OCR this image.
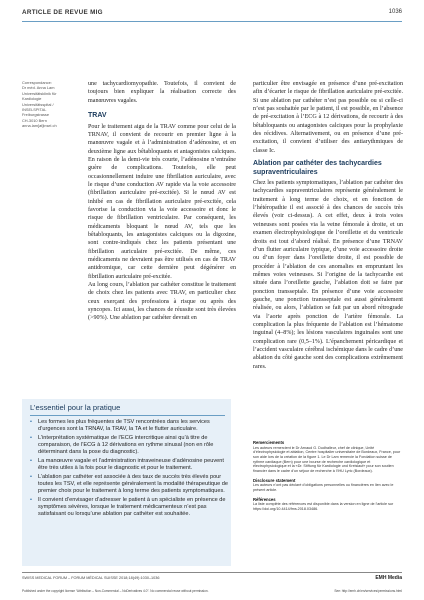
ARTICLE DE REVUE MIG	1036
Correspondance:
Dr méd. Anna Lam
Universitätsklinik für
Kardiologie
Universitätsspital /
INSELSPITAL
Freiburgstrasse
CH-3010 Bern
anna.lam[at]insel.ch

une tachycardiomyopathie. Toutefois, il convient de toujours bien expliquer la réalisation correcte des manœuvres vagales.

TRAV

Pour le traitement aigu de la TRAV comme pour celui de la TRNAV, il convient de recourir en premier ligne à la manœuvre vagale et à l’administration d’adénosine, et en deuxième ligne aux bêtabloquants et antagonistes calciques. En raison de la demi-vie très courte, l’adénosine n’entraîne guère de complications. Toutefois, elle peut occasionnellement induire une fibrillation auriculaire, avec le risque d’une conduction AV rapide via la voie accessoire (fibrillation auriculaire pré-excitée). Si le nœud AV est inhibé en cas de fibrillation auriculaire pré-excitée, cela favorise la conduction via la voie accessoire et donc le risque de fibrillation ventriculaire. Par conséquent, les médicaments bloquant le nœud AV, tels que les bêtabloquants, les antagonistes calciques ou la digoxine, sont contre-indiqués chez les patients présentant une fibrillation auriculaire pré-excitée. De même, ces médicaments ne devraient pas être utilisés en cas de TRAV antidromique, car cette dernière peut dégénérer en fibrillation auriculaire pré-excitée.

Au long cours, l’ablation par cathéter constitue le traitement de choix chez les patients avec TRAV, en particulier chez ceux exerçant des professions à risque ou après des syncopes. Ici aussi, les chances de réussite sont très élevées (>90%). Une ablation par cathéter devrait en

particulier être envisagée en présence d’une pré-excitation afin d’écarter le risque de fibrillation auriculaire pré-excitée. Si une ablation par cathéter n’est pas possible ou si celle-ci n’est pas souhaitée par le patient, il est possible, en l’absence de pré-excitation à l’ECG à 12 dérivations, de recourir à des bêtabloquants ou antagonistes calciques pour la prophylaxie des récidives. Alternativement, ou en présence d’une pré-excitation, il convient d’utiliser des antiarythmiques de classe Ic.

Ablation par cathéter des tachycardies supraventriculaires

Chez les patients symptomatiques, l’ablation par cathéter des tachycardies supraventriculaires représente généralement le traitement à long terme de choix, et en fonction de l’hétéropathie il est associé à des chances de succès très élevés (voir ci-dessus). A cet effet, deux à trois voies veineuses sont posées via la veine fémorale à droite, et un examen électrophysiologique de l’oreillette et du ventricule droits est tout d’abord réalisé. En présence d’une TRNAV d’un flutter auriculaire typique, d’une voie accessoire droite ou d’un foyer dans l’oreillette droite, il est possible de procéder à l’ablation de ces anomalies en empruntant les mêmes voies veineuses. Si l’origine de la tachycardie est située dans l’oreillette gauche, l’ablation doit se faire par ponction transseptale. En présence d’une voie accessoire gauche, une ponction transseptale est aussi généralement réalisée, ou alors, l’ablation se fait par un abord rétrograde via l’aorte après ponction de l’artère fémorale. La complication la plus fréquente de l’ablation est l’hématome inguinal (4–8%); les lésions vasculaires inguinales sont une complication rare (0,5–1%). L’épanchement péricardique et l’accident vasculaire cérébral ischémique dans le cadre d’une ablation du côté gauche sont des complications extrêmement rares.

Remerciements

Les auteurs remercient le Dr Arnaud G. Dudhalleur, chef de clinique, Unité d’électrophysiologie et ablation, Centre hospitalier universitaire de Bordeaux, France, pour son aide lors de la création de la figure 1. Le Dr Lam remercie la Fondation suisse de rythme cardiaque (Bern) pour une bourse de recherche cardiologique et électrophysiologique et la «Dr. Stiftung für Kardiologie und Kreislauf» pour son soutien financier dans le cadre d’un séjour de recherche à l’IHU Lyric (Bordeaux).

Disclosure statement

Les auteurs n’ont pas déclaré d’obligations personnelles ou financières en lien avec le présent article.

Références

La liste complète des références est disponible dans la version en ligne de l’article sur https://doi.org/10.4414/fms.2018.03486.

L’essentiel pour la pratique
• Les formes les plus fréquentes de TSV rencontrées dans les services d’urgences sont la TRNAV, la TRAV, la TA et le flutter auriculaire.
• L’interprétation systématique de l’ECG intercritique ainsi qu’à titre de comparaison, de l’ECG à 12 dérivations en rythme sinusal (non en rôle déterminant dans la pose du diagnostic).
• La manœuvre vagale et l’administration intraveineuse d’adénosine peuvent être très utiles à la fois pour le diagnostic et pour le traitement.
• L’ablation par cathéter est associée à des taux de succès très élevés pour toutes les TSV, et elle représente généralement la modalité thérapeutique de premier choix pour le traitement à long terme des patients symptomatiques.
• Il convient d’envisager d’adresser le patient à un spécialiste en présence de symptômes sévères, lorsque le traitement médicamenteux n’est pas satisfaisant ou lorsqu’une ablation par cathéter est souhaitée.
SWISS MEDICAL FORUM – FORUM MÉDICAL SUISSE 2018;18(49):1030–1036	EMH Media
Published under the copyright license “Attribution – Non-Commercial – NoDerivatives 4.0”. No commercial reuse without permission.	See: http://emh.ch/en/services/permissions.html
